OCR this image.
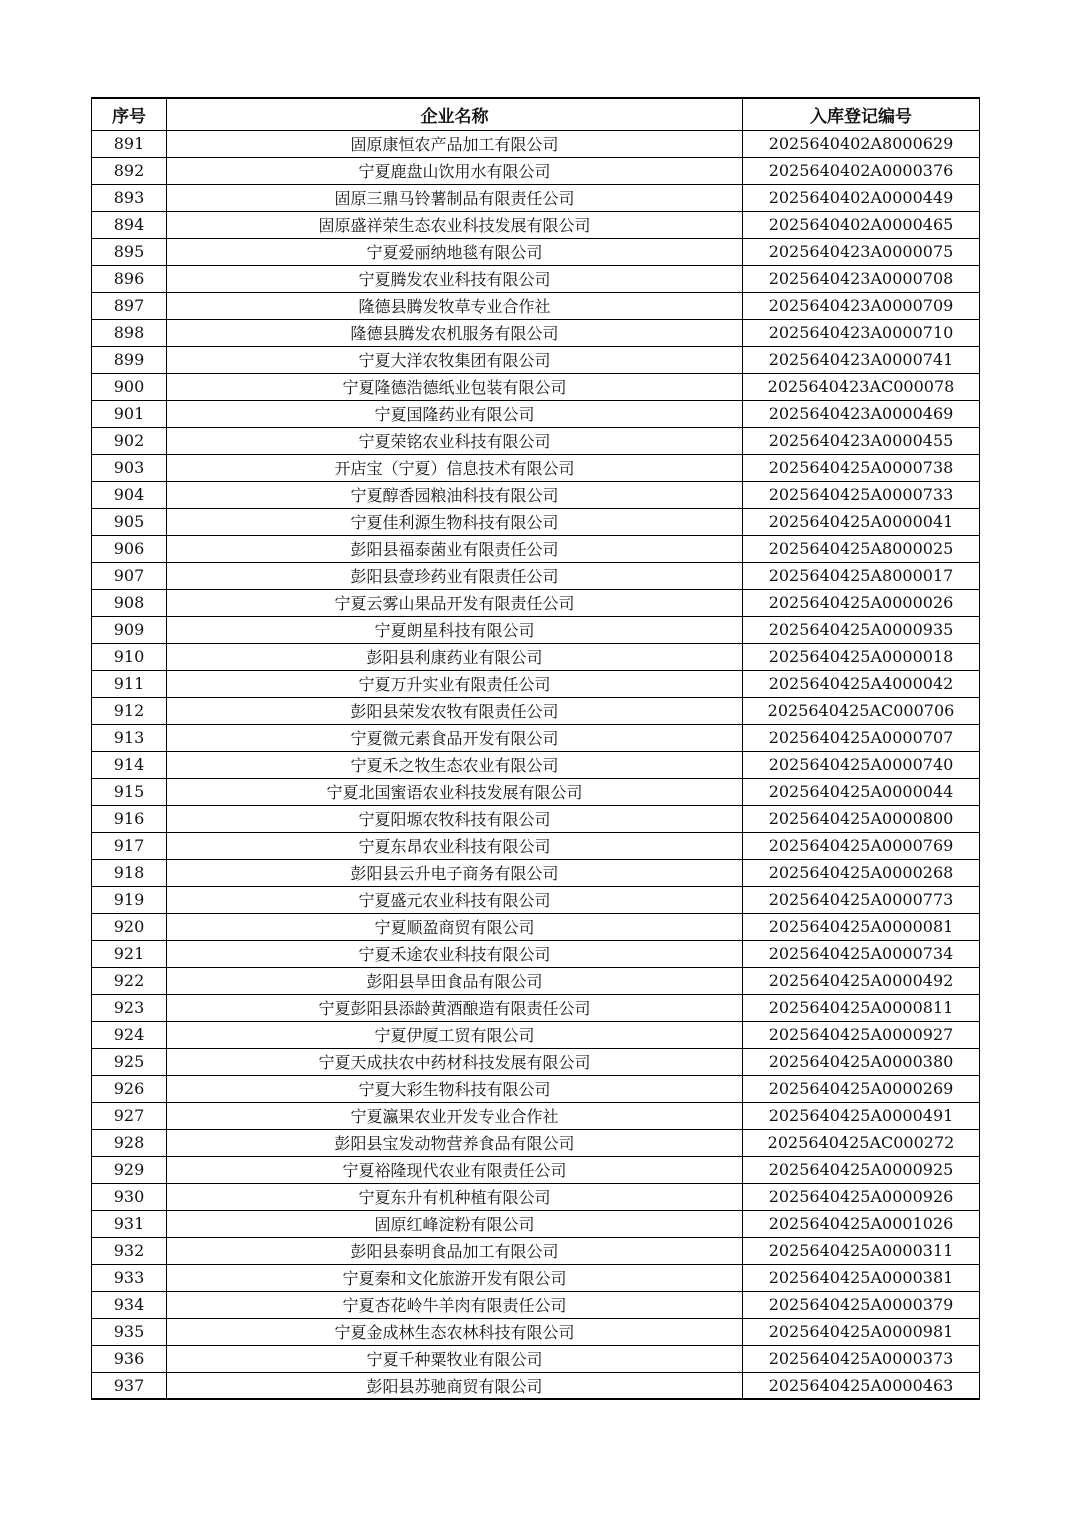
序号	企业名称	入库登记编号
891	固原康恒农产品加工有限公司	2025640402A8000629
892	宁夏鹿盘山饮用水有限公司	2025640402A0000376
893	固原三鼎马铃薯制品有限责任公司	2025640402A0000449
894	固原盛祥荣生态农业科技发展有限公司	2025640402A0000465
895	宁夏爱丽纳地毯有限公司	2025640423A0000075
896	宁夏腾发农业科技有限公司	2025640423A0000708
897	隆德县腾发牧草专业合作社	2025640423A0000709
898	隆德县腾发农机服务有限公司	2025640423A0000710
899	宁夏大洋农牧集团有限公司	2025640423A0000741
900	宁夏隆德浩德纸业包装有限公司	2025640423AC000078
901	宁夏国隆药业有限公司	2025640423A0000469
902	宁夏荣铭农业科技有限公司	2025640423A0000455
903	开店宝（宁夏）信息技术有限公司	2025640425A0000738
904	宁夏醇香园粮油科技有限公司	2025640425A0000733
905	宁夏佳利源生物科技有限公司	2025640425A0000041
906	彭阳县福泰菌业有限责任公司	2025640425A8000025
907	彭阳县壹珍药业有限责任公司	2025640425A8000017
908	宁夏云雾山果品开发有限责任公司	2025640425A0000026
909	宁夏朗星科技有限公司	2025640425A0000935
910	彭阳县利康药业有限公司	2025640425A0000018
911	宁夏万升实业有限责任公司	2025640425A4000042
912	彭阳县荣发农牧有限责任公司	2025640425AC000706
913	宁夏微元素食品开发有限公司	2025640425A0000707
914	宁夏禾之牧生态农业有限公司	2025640425A0000740
915	宁夏北国蜜语农业科技发展有限公司	2025640425A0000044
916	宁夏阳塬农牧科技有限公司	2025640425A0000800
917	宁夏东昂农业科技有限公司	2025640425A0000769
918	彭阳县云升电子商务有限公司	2025640425A0000268
919	宁夏盛元农业科技有限公司	2025640425A0000773
920	宁夏顺盈商贸有限公司	2025640425A0000081
921	宁夏禾途农业科技有限公司	2025640425A0000734
922	彭阳县旱田食品有限公司	2025640425A0000492
923	宁夏彭阳县添龄黄酒酿造有限责任公司	2025640425A0000811
924	宁夏伊厦工贸有限公司	2025640425A0000927
925	宁夏天成扶农中药材科技发展有限公司	2025640425A0000380
926	宁夏大彩生物科技有限公司	2025640425A0000269
927	宁夏瀛果农业开发专业合作社	2025640425A0000491
928	彭阳县宝发动物营养食品有限公司	2025640425AC000272
929	宁夏裕隆现代农业有限责任公司	2025640425A0000925
930	宁夏东升有机种植有限公司	2025640425A0000926
931	固原红峰淀粉有限公司	2025640425A0001026
932	彭阳县泰明食品加工有限公司	2025640425A0000311
933	宁夏秦和文化旅游开发有限公司	2025640425A0000381
934	宁夏杏花岭牛羊肉有限责任公司	2025640425A0000379
935	宁夏金成林生态农林科技有限公司	2025640425A0000981
936	宁夏千种粟牧业有限公司	2025640425A0000373
937	彭阳县苏驰商贸有限公司	2025640425A0000463
